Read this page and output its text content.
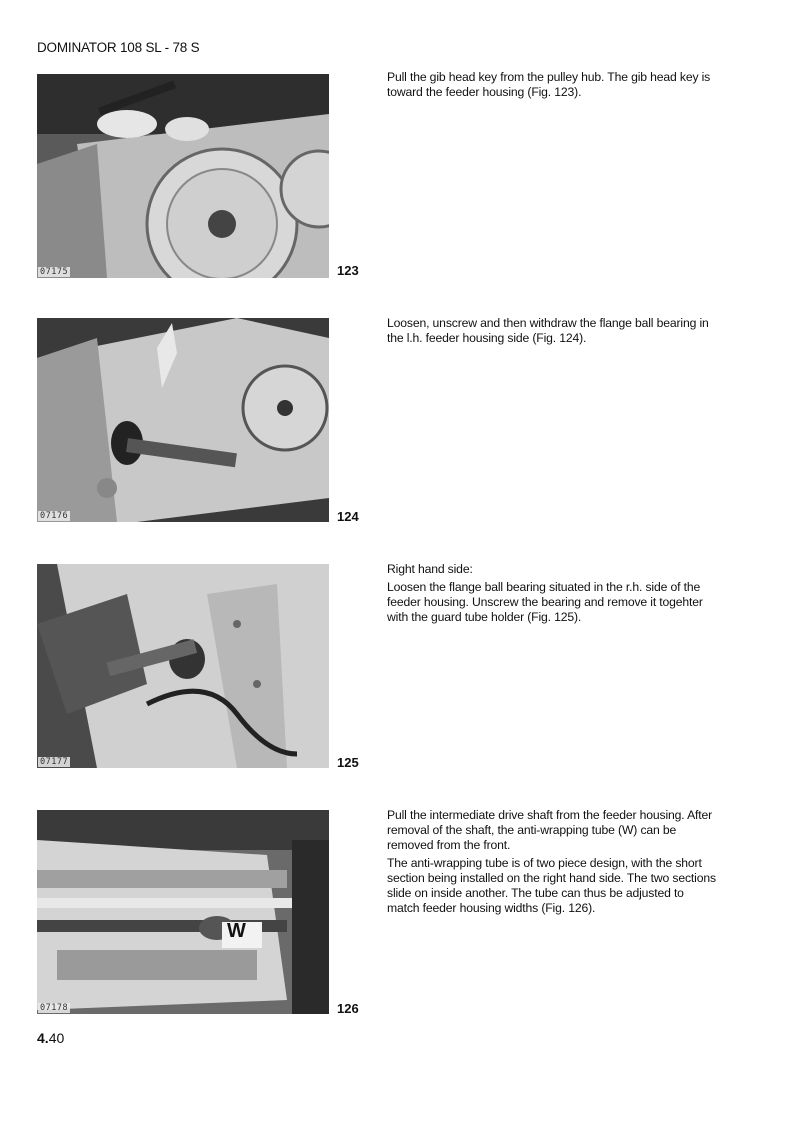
DOMINATOR 108 SL - 78 S
07175	123

Pull the gib head key from the pulley hub. The gib head key is toward the feeder housing (Fig. 123).

07176	124

Loosen, unscrew and then withdraw the flange ball bearing in the l.h. feeder housing side (Fig. 124).

07177	125

Right hand side:

Loosen the flange ball bearing situated in the r.h. side of the feeder housing. Unscrew the bearing and remove it togehter with the guard tube holder (Fig. 125).

W
07178	126

Pull the intermediate drive shaft from the feeder housing. After removal of the shaft, the anti-wrapping tube (W) can be removed from the front.

The anti-wrapping tube is of two piece design, with the short section being installed on the right hand side. The two sections slide on inside another. The tube can thus be adjusted to match feeder housing widths (Fig. 126).

4.40
